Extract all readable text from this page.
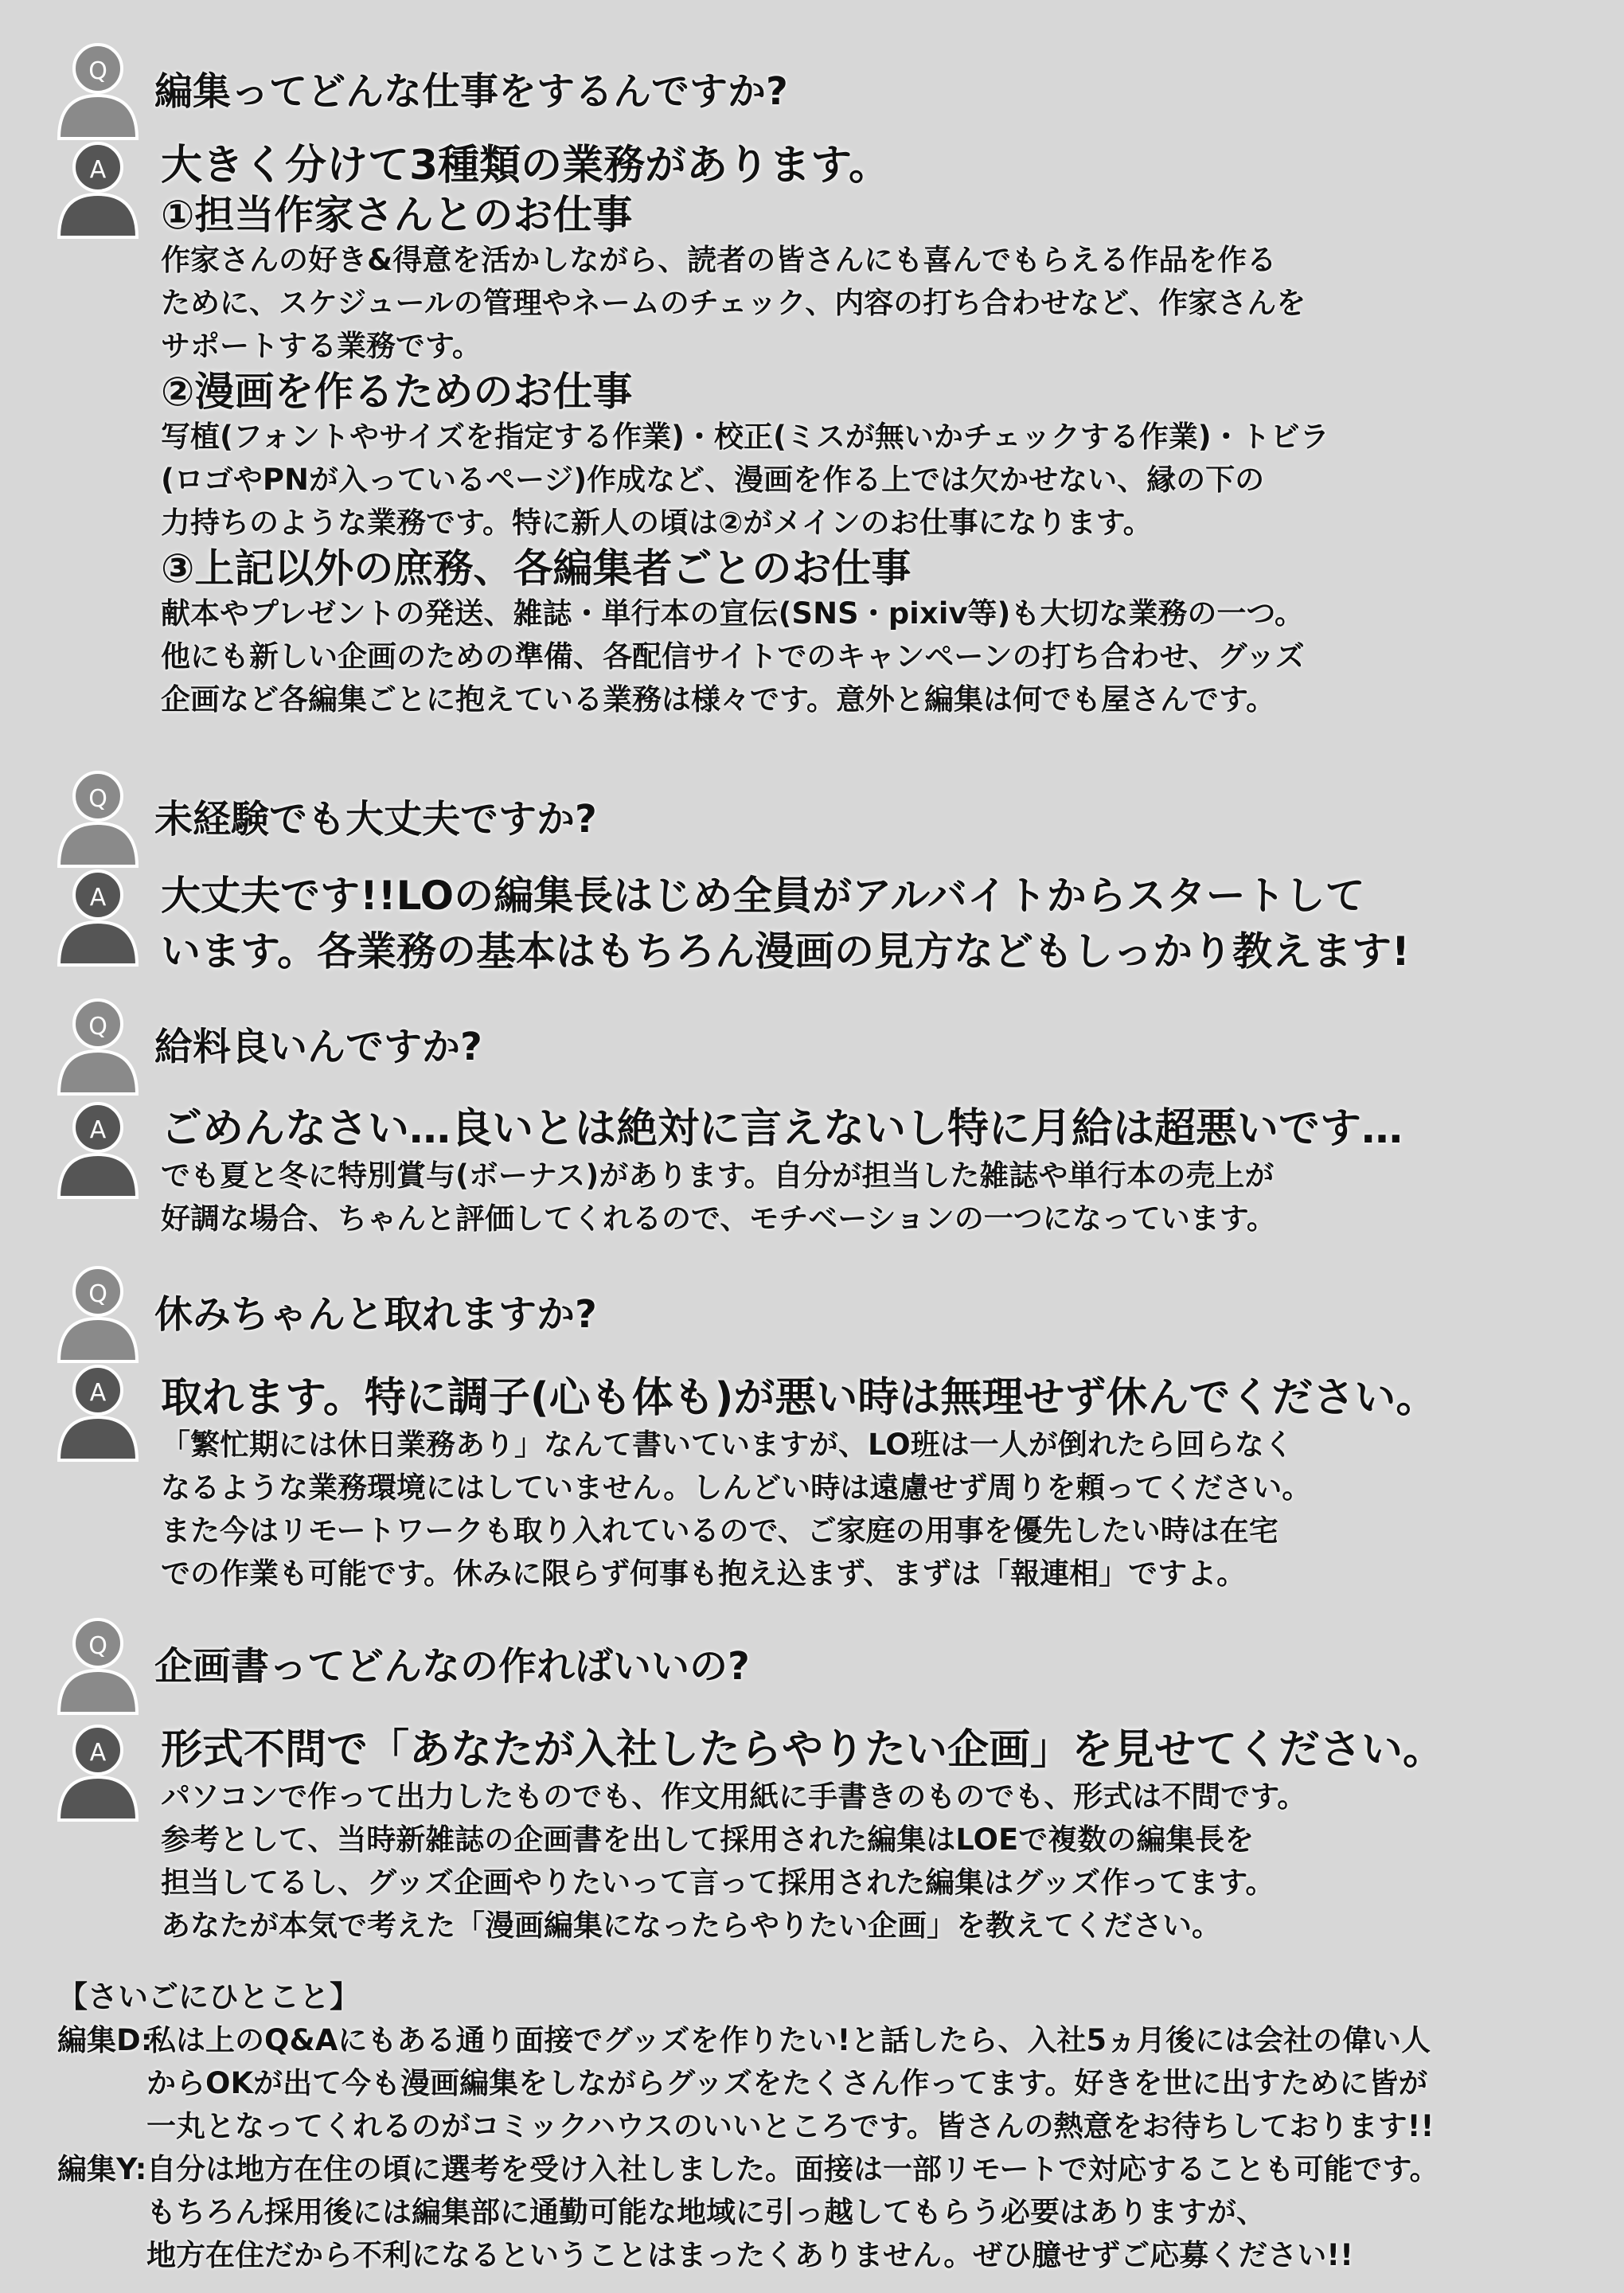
Q 編集ってどんな仕事をするんですか?
A 大きく分けて3種類の業務があります。
①担当作家さんとのお仕事
作家さんの好き&得意を活かしながら、読者の皆さんにも喜んでもらえる作品を作る
ために、スケジュールの管理やネームのチェック、内容の打ち合わせなど、作家さんを
サポートする業務です。
②漫画を作るためのお仕事
写植(フォントやサイズを指定する作業)・校正(ミスが無いかチェックする作業)・トビラ
(ロゴやPNが入っているページ)作成など、漫画を作る上では欠かせない、縁の下の
力持ちのような業務です。特に新人の頃は②がメインのお仕事になります。
③上記以外の庶務、各編集者ごとのお仕事
献本やプレゼントの発送、雑誌・単行本の宣伝(SNS・pixiv等)も大切な業務の一つ。
他にも新しい企画のための準備、各配信サイトでのキャンペーンの打ち合わせ、グッズ
企画など各編集ごとに抱えている業務は様々です。意外と編集は何でも屋さんです。
Q 未経験でも大丈夫ですか?
A 大丈夫です!!LOの編集長はじめ全員がアルバイトからスタートして
います。各業務の基本はもちろん漫画の見方などもしっかり教えます!
Q 給料良いんですか?
A ごめんなさい…良いとは絶対に言えないし特に月給は超悪いです…
でも夏と冬に特別賞与(ボーナス)があります。自分が担当した雑誌や単行本の売上が
好調な場合、ちゃんと評価してくれるので、モチベーションの一つになっています。
Q 休みちゃんと取れますか?
A 取れます。特に調子(心も体も)が悪い時は無理せず休んでください。
「繁忙期には休日業務あり」なんて書いていますが、LO班は一人が倒れたら回らなく
なるような業務環境にはしていません。しんどい時は遠慮せず周りを頼ってください。
また今はリモートワークも取り入れているので、ご家庭の用事を優先したい時は在宅
での作業も可能です。休みに限らず何事も抱え込まず、まずは「報連相」ですよ。
Q 企画書ってどんなの作ればいいの?
A 形式不問で「あなたが入社したらやりたい企画」を見せてください。
パソコンで作って出力したものでも、作文用紙に手書きのものでも、形式は不問です。
参考として、当時新雑誌の企画書を出して採用された編集はLOEで複数の編集長を
担当してるし、グッズ企画やりたいって言って採用された編集はグッズ作ってます。
あなたが本気で考えた「漫画編集になったらやりたい企画」を教えてください。
【さいごにひとこと】
編集D:
私は上のQ&Aにもある通り面接でグッズを作りたい!と話したら、入社5ヵ月後には会社の偉い人
からOKが出て今も漫画編集をしながらグッズをたくさん作ってます。好きを世に出すために皆が
一丸となってくれるのがコミックハウスのいいところです。皆さんの熱意をお待ちしております!!
編集Y: 自分は地方在住の頃に選考を受け入社しました。面接は一部リモートで対応することも可能です。
もちろん採用後には編集部に通勤可能な地域に引っ越してもらう必要はありますが、
地方在住だから不利になるということはまったくありません。ぜひ臆せずご応募ください!!
